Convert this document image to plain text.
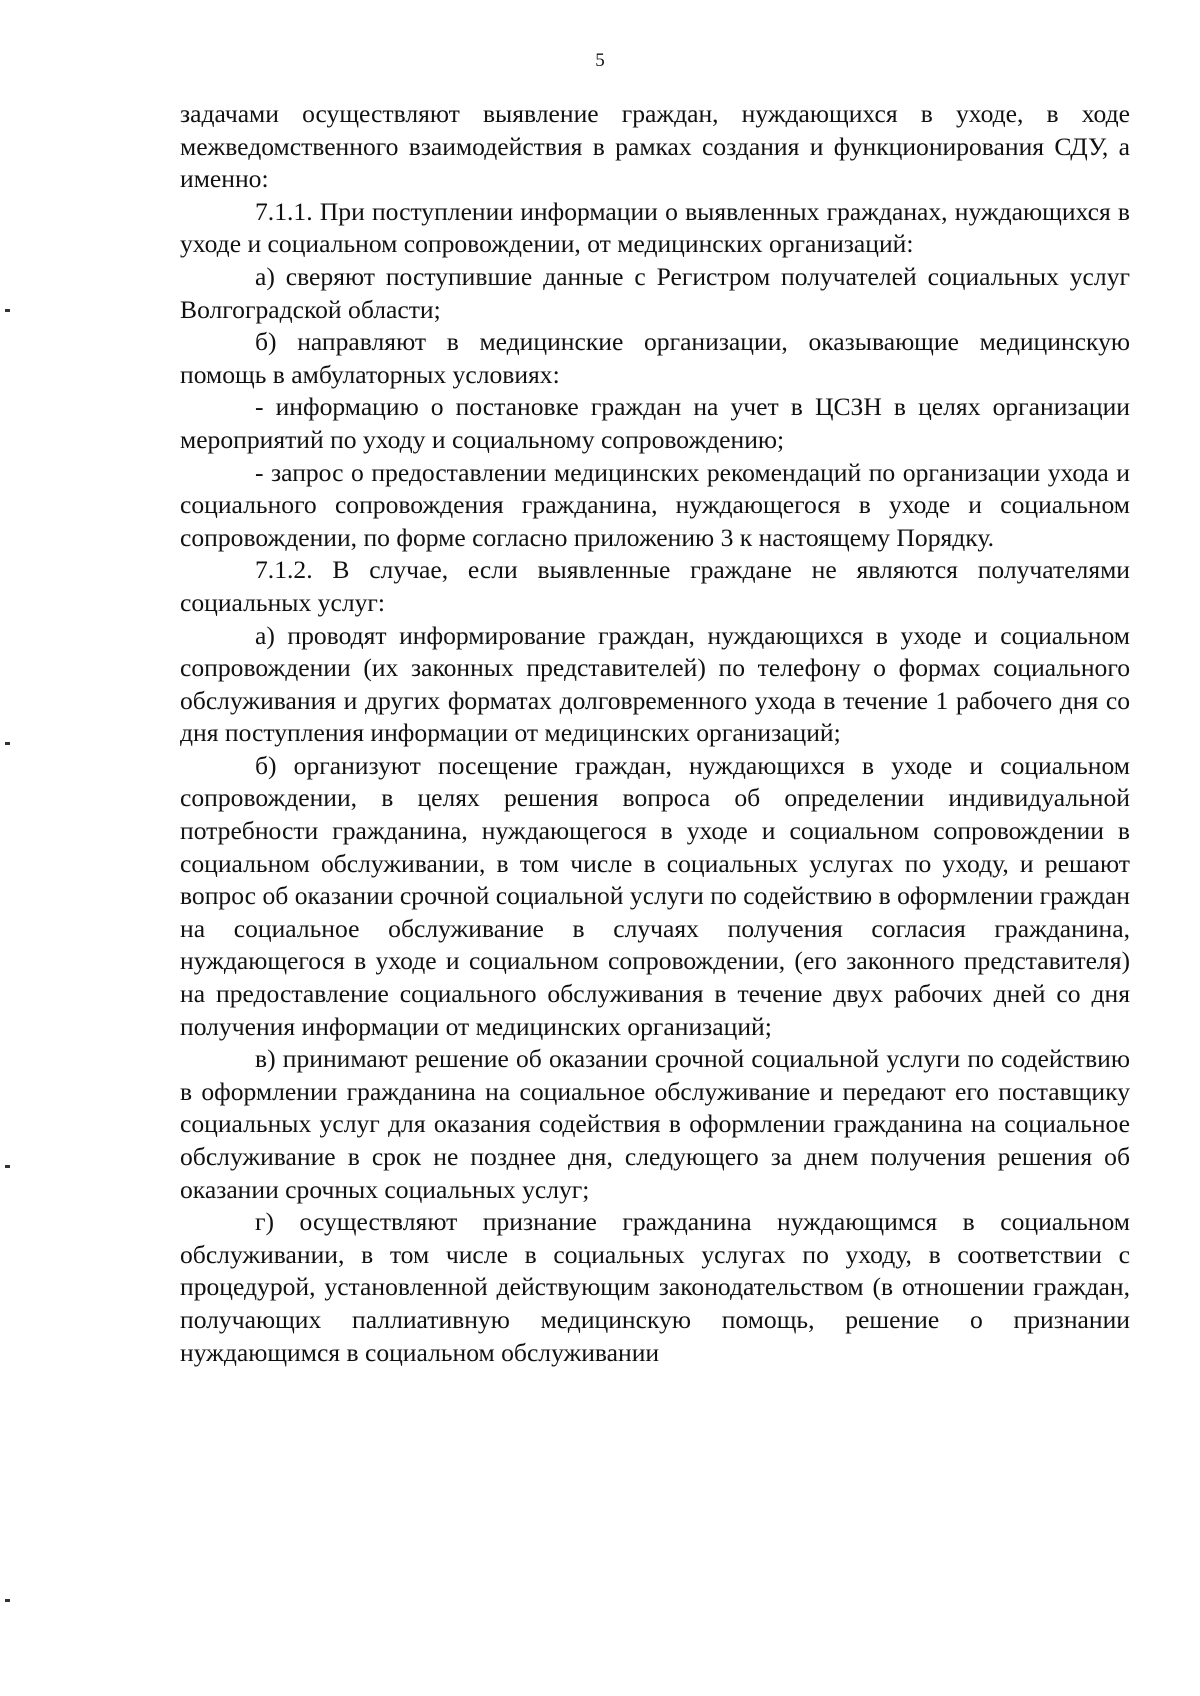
5

задачами осуществляют выявление граждан, нуждающихся в уходе, в ходе межведомственного взаимодействия в рамках создания и функционирования СДУ, а именно:

7.1.1. При поступлении информации о выявленных гражданах, нуждающихся в уходе и социальном сопровождении, от медицинских организаций:

а) сверяют поступившие данные с Регистром получателей социальных услуг Волгоградской области;

б) направляют в медицинские организации, оказывающие медицинскую помощь в амбулаторных условиях:

- информацию о постановке граждан на учет в ЦСЗН в целях организации мероприятий по уходу и социальному сопровождению;

- запрос о предоставлении медицинских рекомендаций по организации ухода и социального сопровождения гражданина, нуждающегося в уходе и социальном сопровождении, по форме согласно приложению 3 к настоящему Порядку.

7.1.2. В случае, если выявленные граждане не являются получателями социальных услуг:

а) проводят информирование граждан, нуждающихся в уходе и социальном сопровождении (их законных представителей) по телефону о формах социального обслуживания и других форматах долговременного ухода в течение 1 рабочего дня со дня поступления информации от медицинских организаций;

б) организуют посещение граждан, нуждающихся в уходе и социальном сопровождении, в целях решения вопроса об определении индивидуальной потребности гражданина, нуждающегося в уходе и социальном сопровождении в социальном обслуживании, в том числе в социальных услугах по уходу, и решают вопрос об оказании срочной социальной услуги по содействию в оформлении граждан на социальное обслуживание в случаях получения согласия гражданина, нуждающегося в уходе и социальном сопровождении, (его законного представителя) на предоставление социального обслуживания в течение двух рабочих дней со дня получения информации от медицинских организаций;

в) принимают решение об оказании срочной социальной услуги по содействию в оформлении гражданина на социальное обслуживание и передают его поставщику социальных услуг для оказания содействия в оформлении гражданина на социальное обслуживание в срок не позднее дня, следующего за днем получения решения об оказании срочных социальных услуг;

г) осуществляют признание гражданина нуждающимся в социальном обслуживании, в том числе в социальных услугах по уходу, в соответствии с процедурой, установленной действующим законодательством (в отношении граждан, получающих паллиативную медицинскую помощь, решение о признании нуждающимся в социальном обслуживании
